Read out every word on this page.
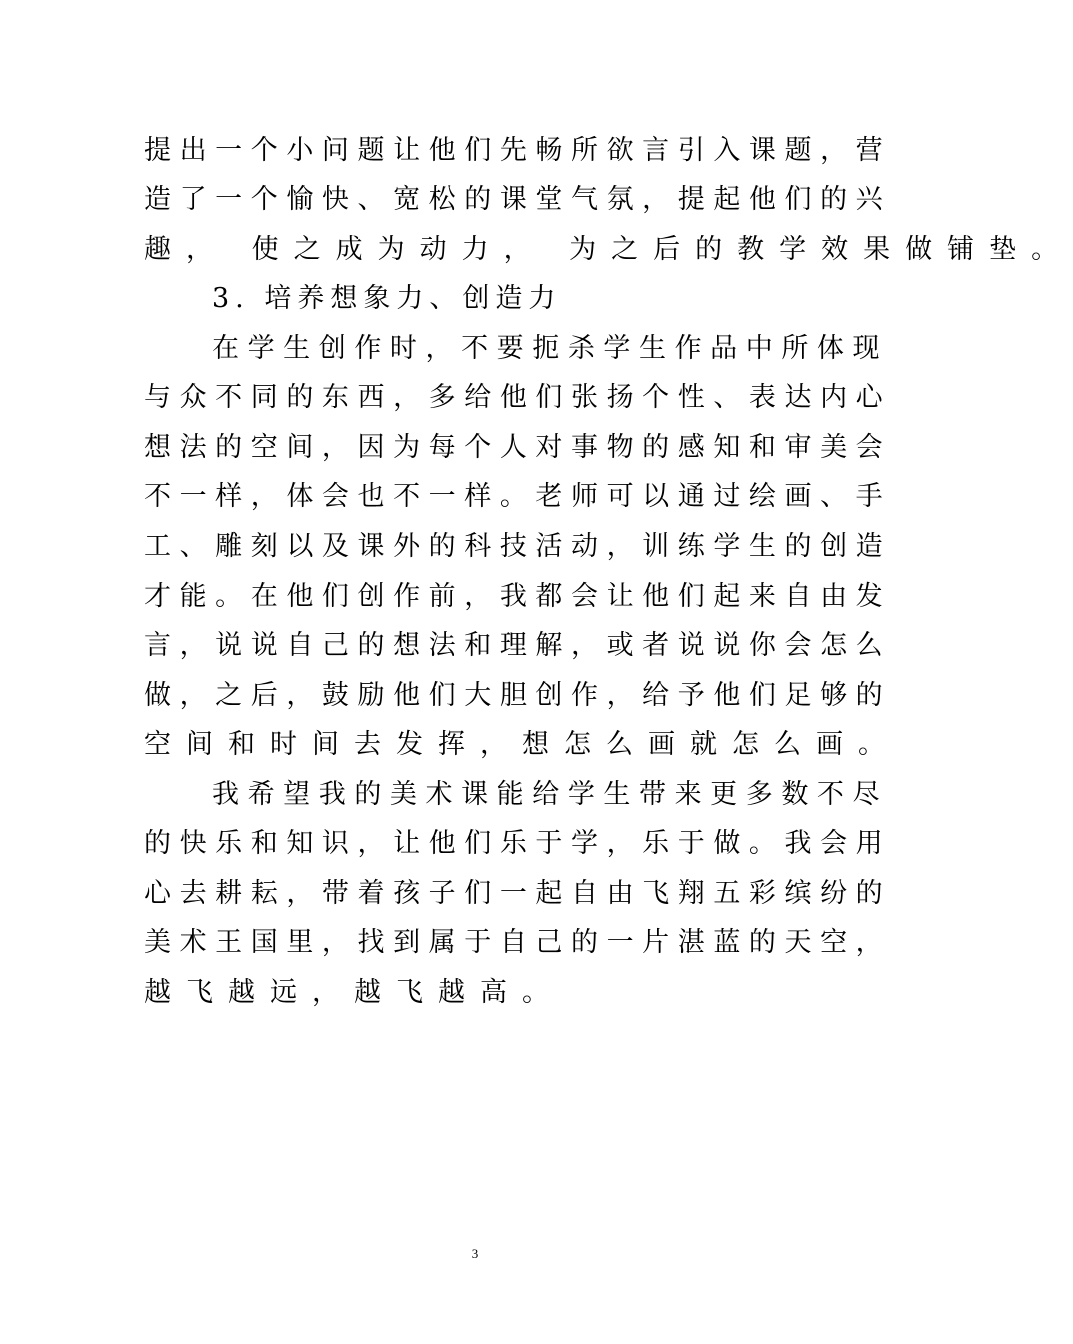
提 出 一 个 小 问 题 让 他 们 先 畅 所 欲 言 引 入 课 题 ， 营
造 了 一 个 愉 快 、 宽 松 的 课 堂 气 氛 ， 提 起 他 们 的 兴
趣， 使之成为动力， 为之后的教学效果做铺垫。
3. 培养想象力、创造力
在 学 生 创 作 时 ， 不 要 扼 杀 学 生 作 品 中 所 体 现
与 众 不 同 的 东 西 ， 多 给 他 们 张 扬 个 性 、 表 达 内 心
想 法 的 空 间 ， 因 为 每 个 人 对 事 物 的 感 知 和 审 美 会
不 一 样 ， 体 会 也 不 一 样 。 老 师 可 以 通 过 绘 画 、 手
工 、 雕 刻 以 及 课 外 的 科 技 活 动 ， 训 练 学 生 的 创 造
才 能 。 在 他 们 创 作 前 ， 我 都 会 让 他 们 起 来 自 由 发
言 ， 说 说 自 己 的 想 法 和 理 解 ， 或 者 说 说 你 会 怎 么
做 ， 之 后 ， 鼓 励 他 们 大 胆 创 作 ， 给 予 他 们 足 够 的
空间和时间去发挥，想怎么画就怎么画。
我 希 望 我 的 美 术 课 能 给 学 生 带 来 更 多 数 不 尽
的 快 乐 和 知 识 ， 让 他 们 乐 于 学 ， 乐 于 做 。 我 会 用
心 去 耕 耘 ， 带 着 孩 子 们 一 起 自 由 飞 翔 五 彩 缤 纷 的
美 术 王 国 里 ， 找 到 属 于 自 己 的 一 片 湛 蓝 的 天 空 ，
越飞越远，越飞越高。
3
